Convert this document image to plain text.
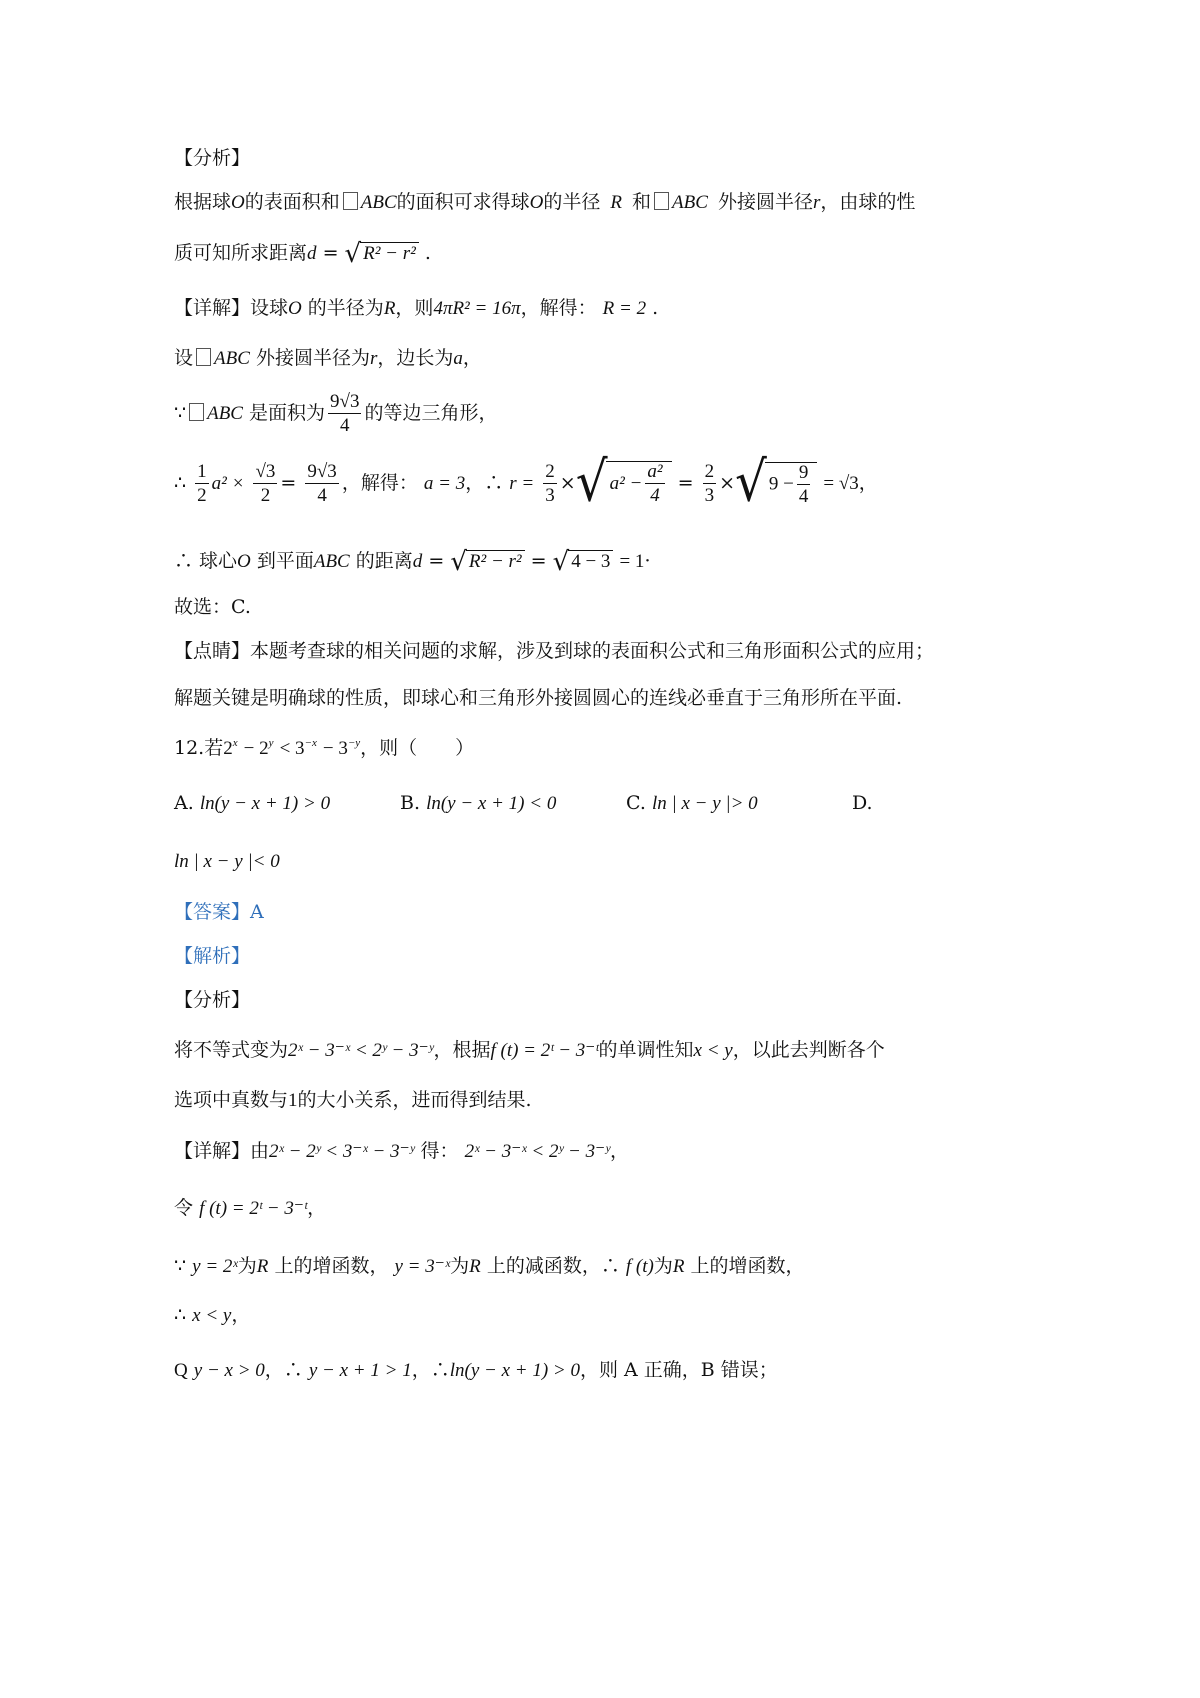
【分析】
根据球O的表面积和 ABC的面积可求得球O的半径 R 和 ABC 外接圆半径r，由球的性
质可知所求距离d = √ R² − r² .
【详解】设球O 的半径为R，则4πR² = 16π，解得： R = 2 .
设 ABC 外接圆半径为r，边长为a，
∵ ABC 是面积为 $\frac{9√3}{4}$ 的等边三角形，
∴ $\frac{1}{2} a^2 \times \frac{√3}{2} = \frac{9√3}{4}$ ，解得： a = 3，∴ $r = \frac{2}{3}$ ×√ $a^2 - \frac{\text{a²}}{4} = \frac{2}{3}$ ×√ $9 - \frac{9}{4} = √3$，
∴ 球心O 到平面ABC 的距离d = √ R² − r² = √ 4 − 3 = 1·
故选：C.
【点睛】本题考查球的相关问题的求解，涉及到球的表面积公式和三角形面积公式的应用；
解题关键是明确球的性质，即球心和三角形外接圆圆心的连线必垂直于三角形所在平面.
12.若$2^x - 2^y < 3^{-x} - 3^{-y}$，则（　　）
A. ln(y − x + 1) > 0	B. ln(y − x + 1) < 0	C. ln | x − y |> 0	D.
ln | x − y |< 0
【答案】A
【解析】
【分析】
将不等式变为2ˣ − 3⁻ˣ < 2ʸ − 3⁻ʸ，根据f (t) = 2ᵗ − 3⁻ᵗ的单调性知x < y，以此去判断各个
选项中真数与1的大小关系，进而得到结果.
【详解】由2ˣ − 2ʸ < 3⁻ˣ − 3⁻ʸ 得： 2ˣ − 3⁻ˣ < 2ʸ − 3⁻ʸ，
令 f (t) = 2ᵗ − 3⁻ᵗ，
∵ y = 2ˣ为R 上的增函数， y = 3⁻ˣ为R 上的减函数，∴ f (t)为R 上的增函数，
∴ x < y，
Q y − x > 0，∴ y − x + 1 > 1，∴ln(y − x + 1) > 0，则 A 正确，B 错误；
